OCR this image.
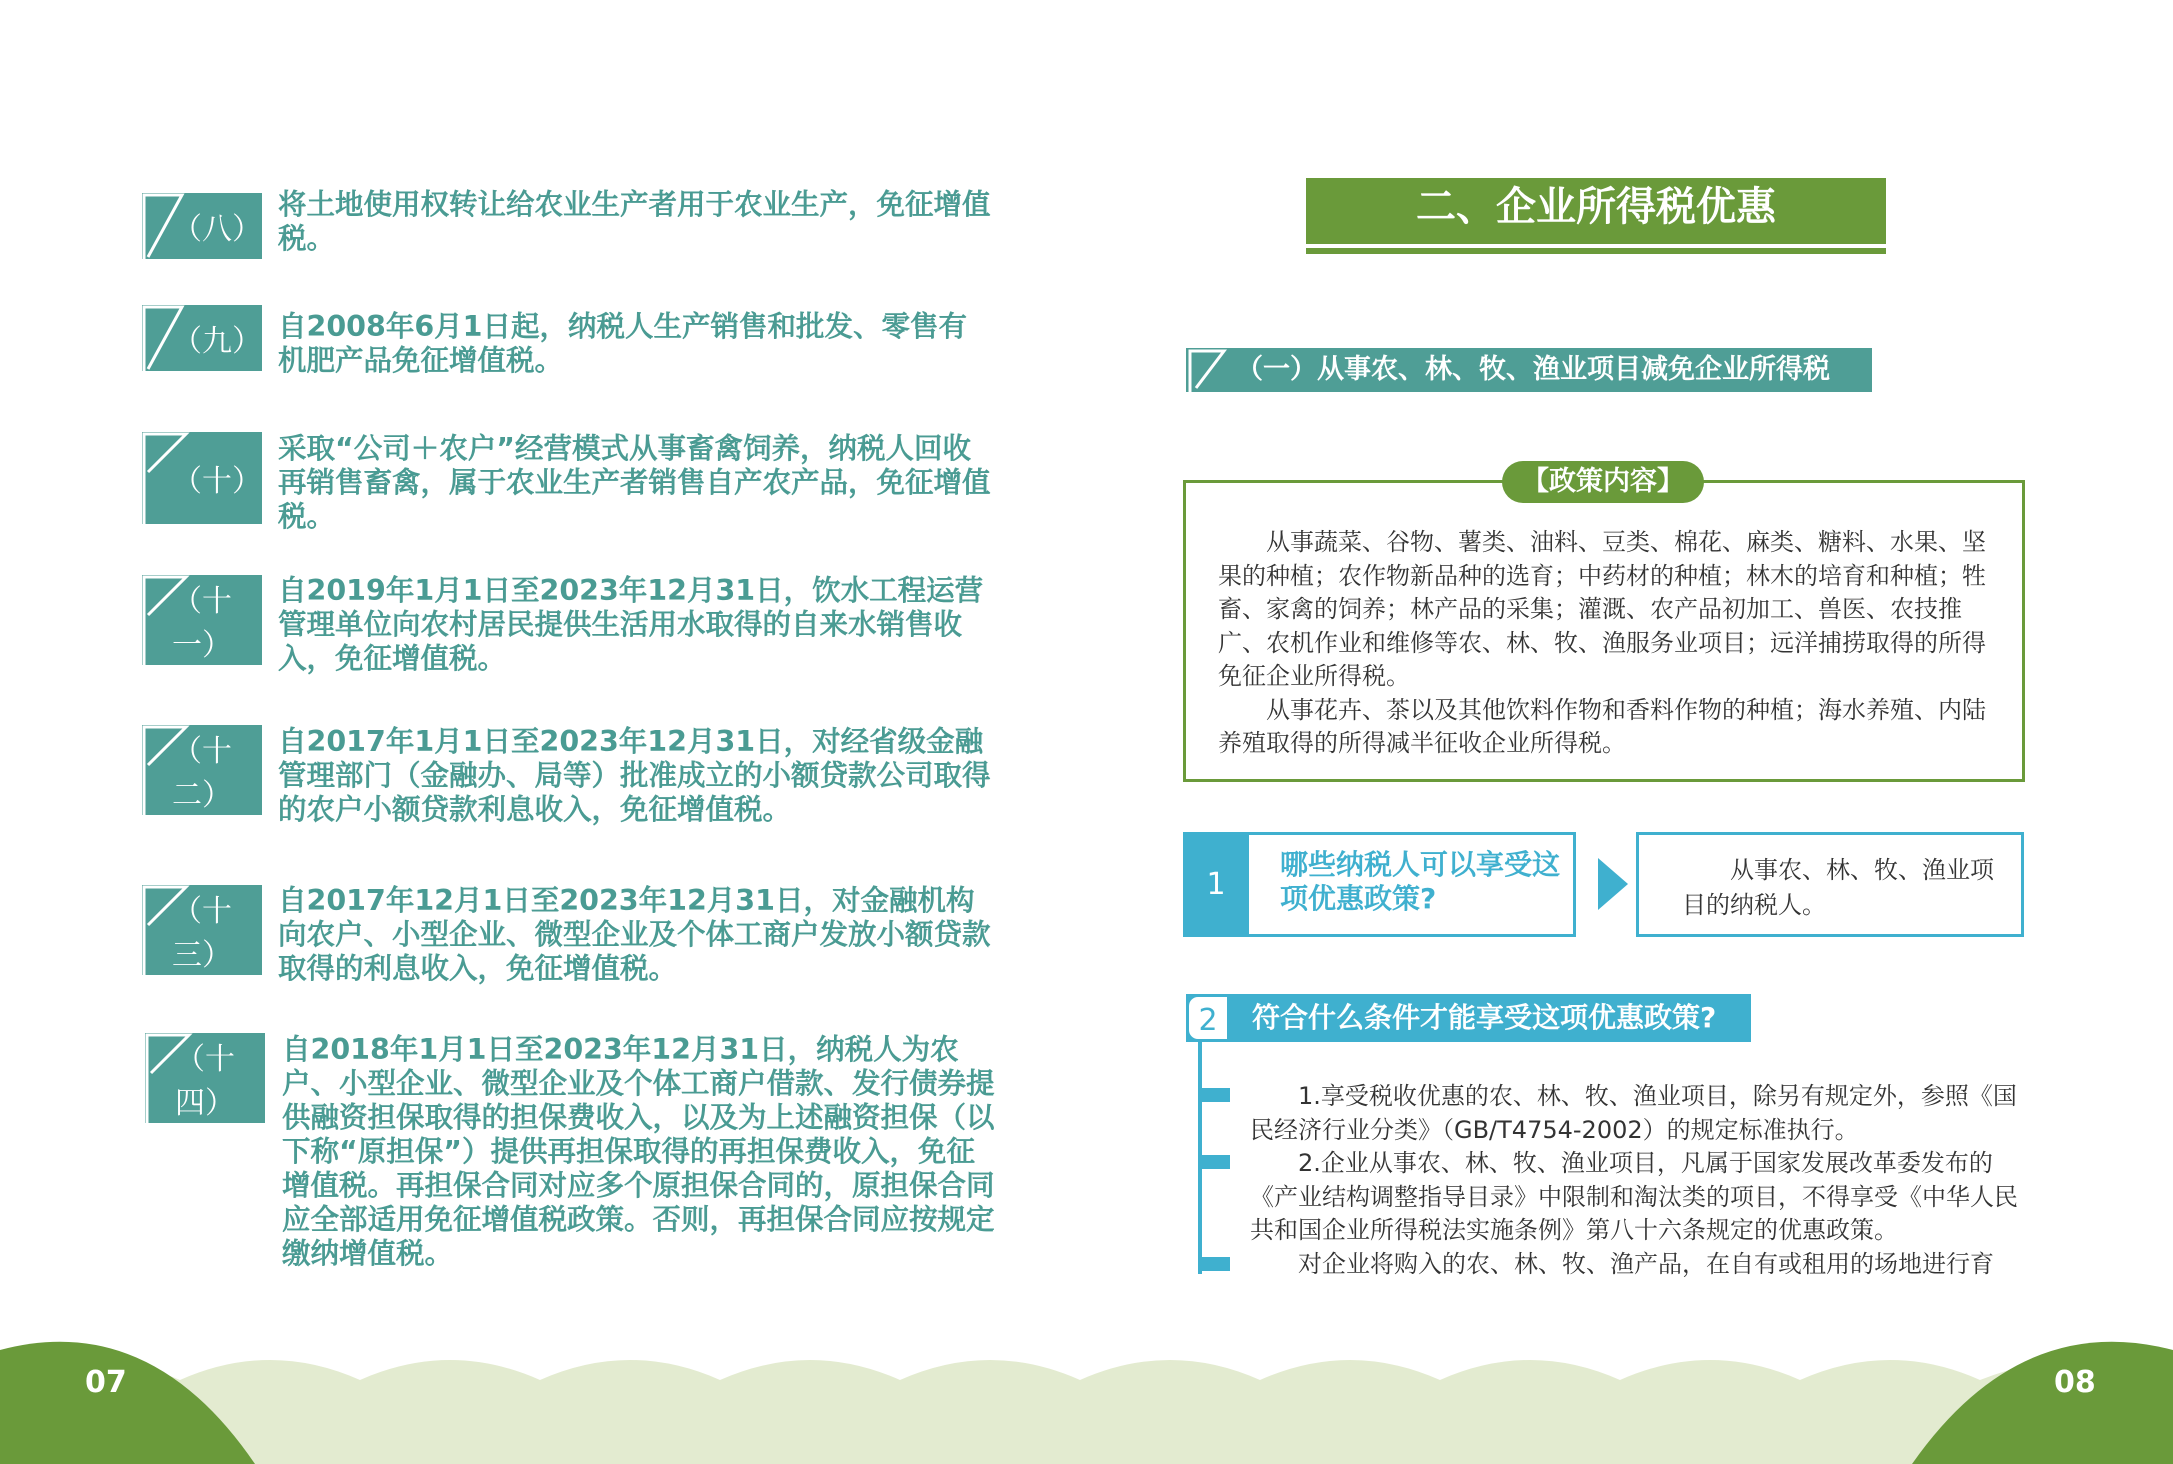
（八）
将土地使用权转让给农业生产者用于农业生产，免征增值税。
（九） 自2008年6月1日起，纳税人生产销售和批发、零售有机肥产品免征增值税。
（十）
采取“公司＋农户”经营模式从事畜禽饲养，纳税人回收再销售畜禽，属于农业生产者销售自产农产品，免征增值税。
（十一）
自2019年1月1日至2023年12月31日，饮水工程运营管理单位向农村居民提供生活用水取得的自来水销售收入，免征增值税。
（十二）
自2017年1月1日至2023年12月31日，对经省级金融管理部门（金融办、局等）批准成立的小额贷款公司取得的农户小额贷款利息收入，免征增值税。
（十三）
自2017年12月1日至2023年12月31日，对金融机构向农户、小型企业、微型企业及个体工商户发放小额贷款取得的利息收入，免征增值税。
（十四）
自2018年1月1日至2023年12月31日，纳税人为农户、小型企业、微型企业及个体工商户借款、发行债券提供融资担保取得的担保费收入，以及为上述融资担保（以下称“原担保”）提供再担保取得的再担保费收入，免征增值税。再担保合同对应多个原担保合同的，原担保合同应全部适用免征增值税政策。否则，再担保合同应按规定缴纳增值税。
二、企业所得税优惠
（一）从事农、林、牧、渔业项目减免企业所得税
【政策内容】

从事蔬菜、谷物、薯类、油料、豆类、棉花、麻类、糖料、水果、坚果的种植；农作物新品种的选育；中药材的种植；林木的培育和种植；牲畜、家禽的饲养；林产品的采集；灌溉、农产品初加工、兽医、农技推广、农机作业和维修等农、林、牧、渔服务业项目；远洋捕捞取得的所得免征企业所得税。

从事花卉、茶以及其他饮料作物和香料作物的种植；海水养殖、内陆养殖取得的所得减半征收企业所得税。

1
哪些纳税人可以享受这项优惠政策?
从事农、林、牧、渔业项目的纳税人。
符合什么条件才能享受这项优惠政策?
2

1.享受税收优惠的农、林、牧、渔业项目，除另有规定外，参照《国民经济行业分类》（GB/T4754-2002）的规定标准执行。

2.企业从事农、林、牧、渔业项目，凡属于国家发展改革委发布的《产业结构调整指导目录》中限制和淘汰类的项目，不得享受《中华人民共和国企业所得税法实施条例》第八十六条规定的优惠政策。

对企业将购入的农、林、牧、渔产品，在自有或租用的场地进行育

07	08
